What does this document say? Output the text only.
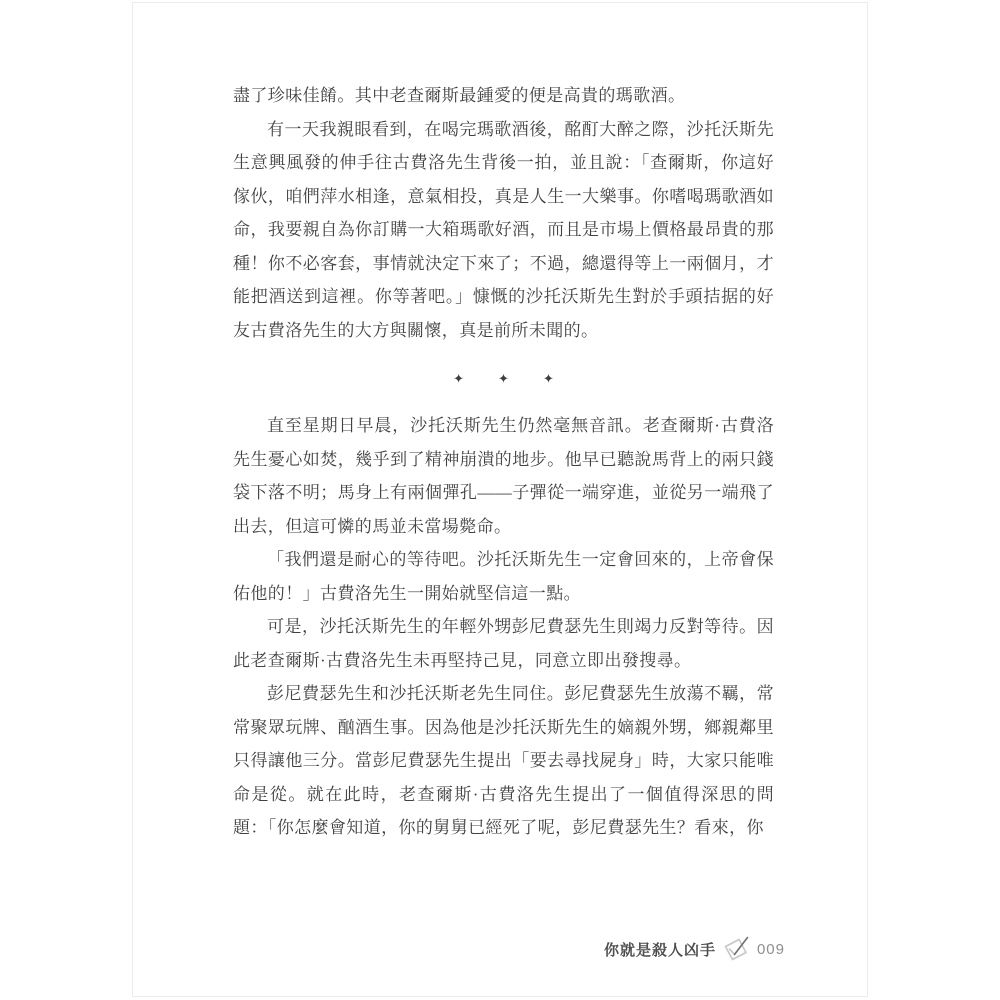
盡了珍味佳餚。其中老查爾斯最鍾愛的便是高貴的瑪歌酒。

有一天我親眼看到，在喝完瑪歌酒後，酩酊大醉之際，沙托沃斯先生意興風發的伸手往古費洛先生背後一拍，並且說：「查爾斯，你這好傢伙，咱們萍水相逢，意氣相投，真是人生一大樂事。你嗜喝瑪歌酒如命，我要親自為你訂購一大箱瑪歌好酒，而且是市場上價格最昂貴的那種！你不必客套，事情就決定下來了；不過，總還得等上一兩個月，才能把酒送到這裡。你等著吧。」慷慨的沙托沃斯先生對於手頭拮据的好友古費洛先生的大方與關懷，真是前所未聞的。

✦	✦	✦

直至星期日早晨，沙托沃斯先生仍然毫無音訊。老查爾斯·古費洛先生憂心如焚，幾乎到了精神崩潰的地步。他早已聽說馬背上的兩只錢袋下落不明；馬身上有兩個彈孔——子彈從一端穿進，並從另一端飛了出去，但這可憐的馬並未當場斃命。

「我們還是耐心的等待吧。沙托沃斯先生一定會回來的，上帝會保佑他的！」古費洛先生一開始就堅信這一點。

可是，沙托沃斯先生的年輕外甥彭尼費瑟先生則竭力反對等待。因此老查爾斯·古費洛先生未再堅持己見，同意立即出發搜尋。

彭尼費瑟先生和沙托沃斯老先生同住。彭尼費瑟先生放蕩不羈，常常聚眾玩牌、酗酒生事。因為他是沙托沃斯先生的嫡親外甥，鄉親鄰里只得讓他三分。當彭尼費瑟先生提出「要去尋找屍身」時，大家只能唯命是從。就在此時，老查爾斯·古費洛先生提出了一個值得深思的問題：「你怎麼會知道，你的舅舅已經死了呢，彭尼費瑟先生？看來，你

你就是殺人凶手	009
